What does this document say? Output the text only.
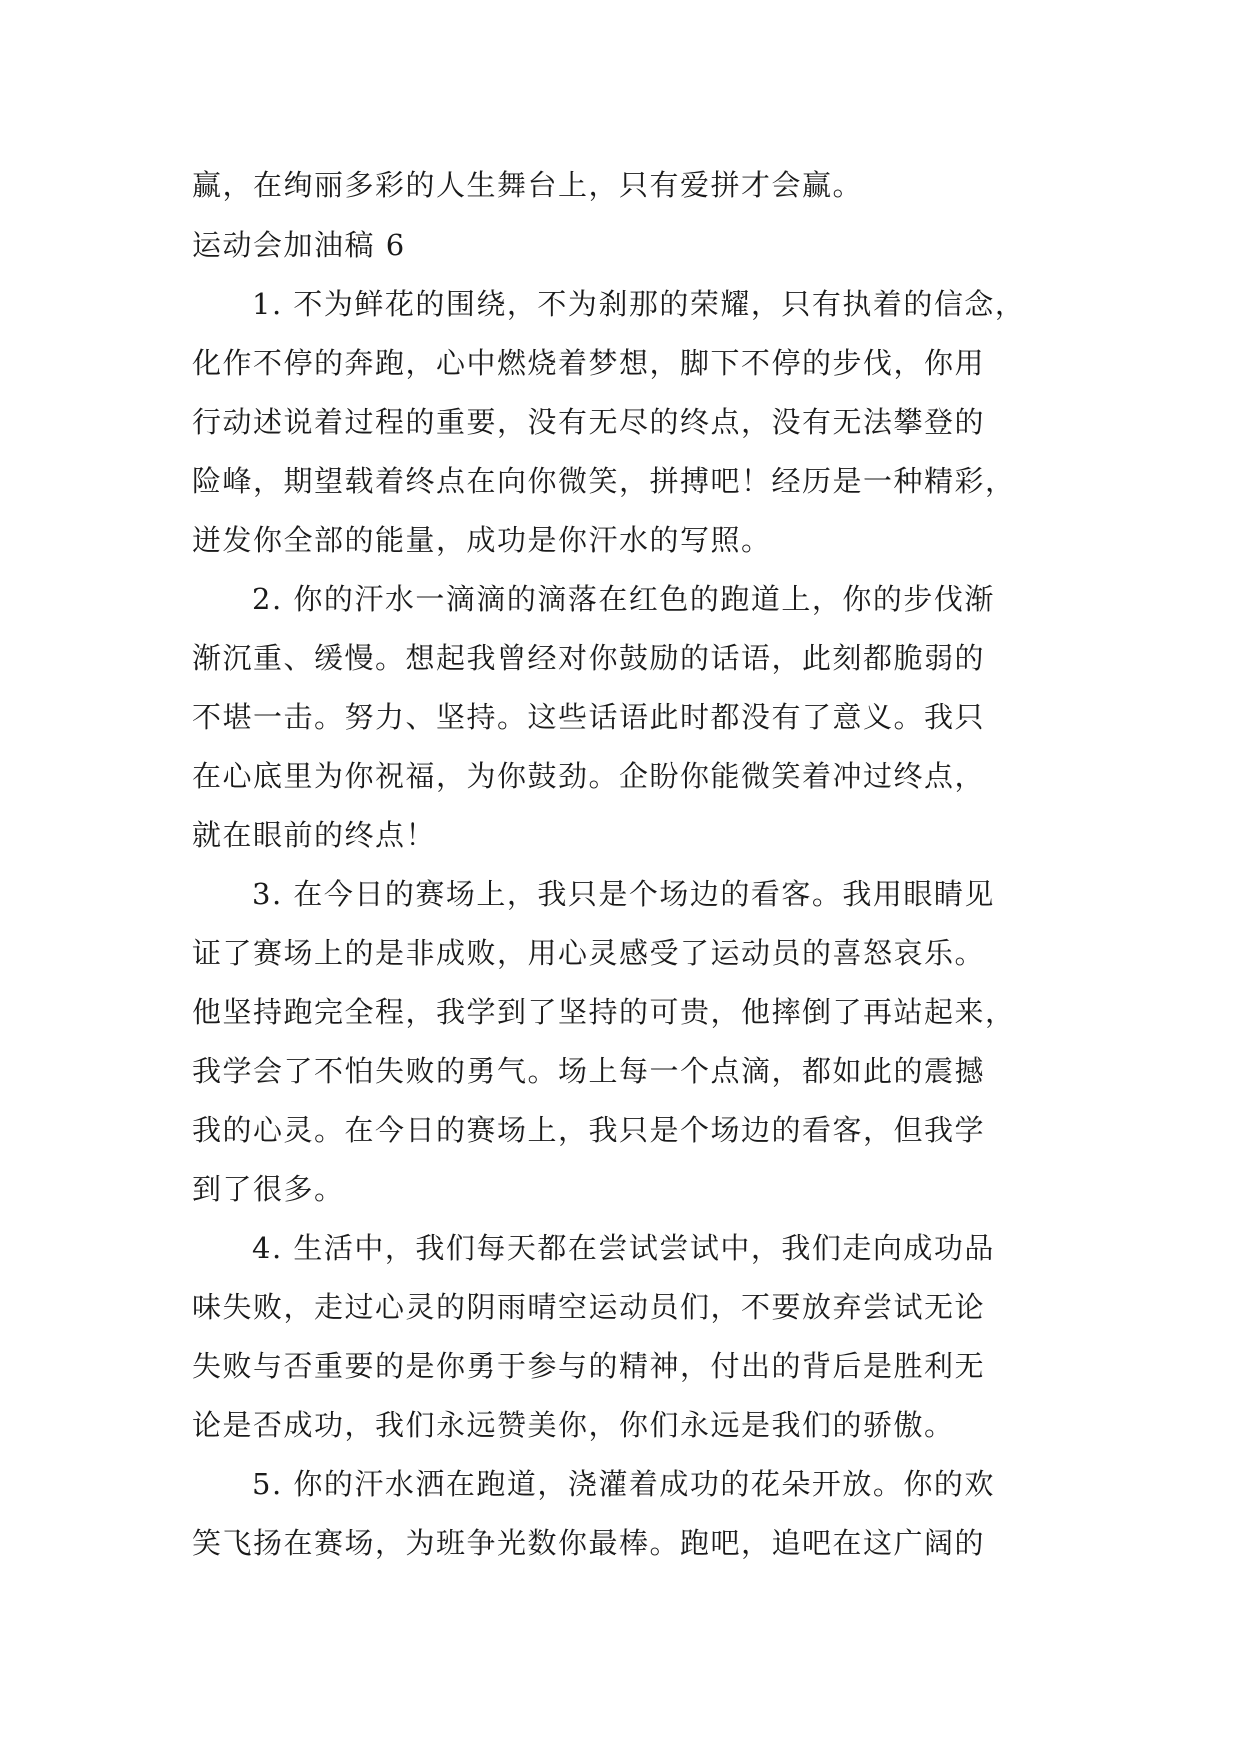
赢，在绚丽多彩的人生舞台上，只有爱拼才会赢。
运动会加油稿 6
1. 不为鲜花的围绕，不为刹那的荣耀，只有执着的信念，
化作不停的奔跑，心中燃烧着梦想，脚下不停的步伐，你用
行动述说着过程的重要，没有无尽的终点，没有无法攀登的
险峰，期望载着终点在向你微笑，拼搏吧！经历是一种精彩，
迸发你全部的能量，成功是你汗水的写照。
2. 你的汗水一滴滴的滴落在红色的跑道上，你的步伐渐
渐沉重、缓慢。想起我曾经对你鼓励的话语，此刻都脆弱的
不堪一击。努力、坚持。这些话语此时都没有了意义。我只
在心底里为你祝福，为你鼓劲。企盼你能微笑着冲过终点，
就在眼前的终点！
3. 在今日的赛场上，我只是个场边的看客。我用眼睛见
证了赛场上的是非成败，用心灵感受了运动员的喜怒哀乐。
他坚持跑完全程，我学到了坚持的可贵，他摔倒了再站起来，
我学会了不怕失败的勇气。场上每一个点滴，都如此的震撼
我的心灵。在今日的赛场上，我只是个场边的看客，但我学
到了很多。
4. 生活中，我们每天都在尝试尝试中，我们走向成功品
味失败，走过心灵的阴雨晴空运动员们，不要放弃尝试无论
失败与否重要的是你勇于参与的精神，付出的背后是胜利无
论是否成功，我们永远赞美你，你们永远是我们的骄傲。
5. 你的汗水洒在跑道，浇灌着成功的花朵开放。你的欢
笑飞扬在赛场，为班争光数你最棒。跑吧，追吧在这广阔的
